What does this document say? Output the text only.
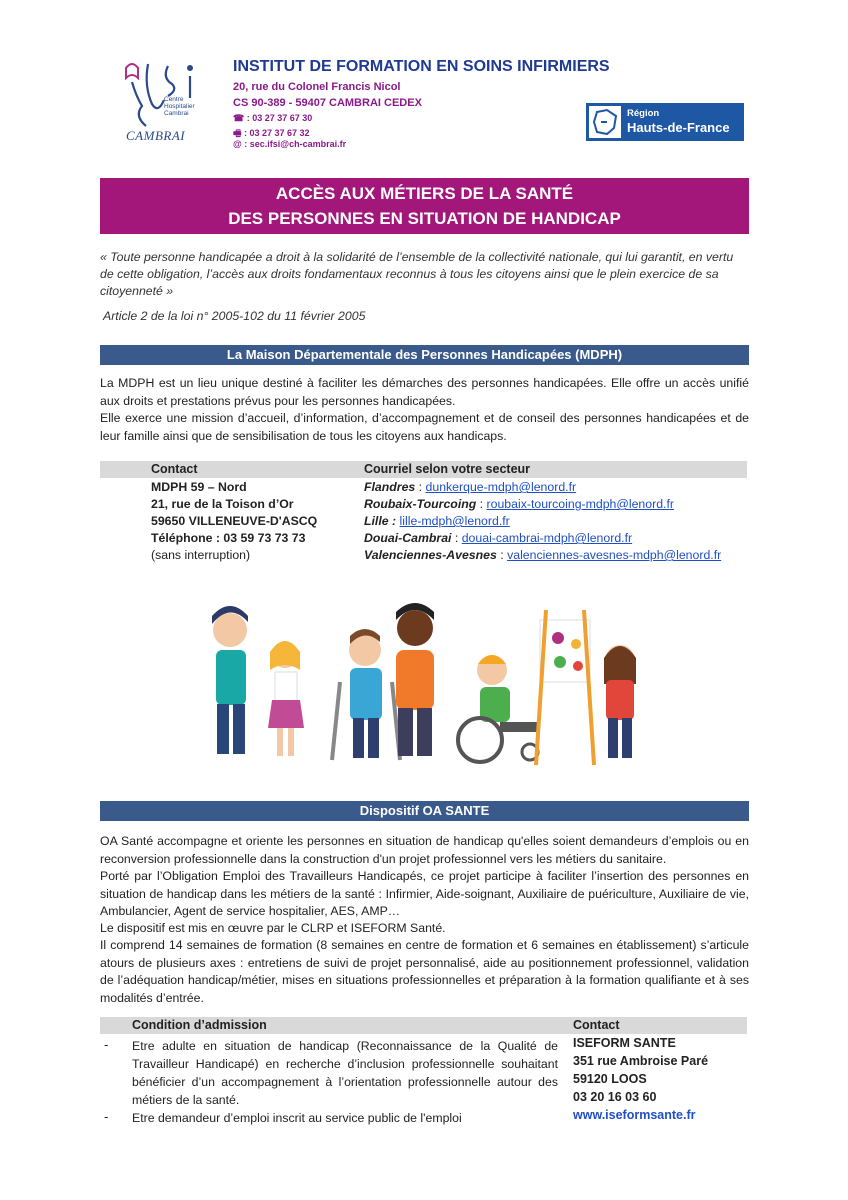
Centre Hospitalier Cambrai
CAMBRAI
INSTITUT DE FORMATION EN SOINS INFIRMIERS
20, rue du Colonel Francis Nicol
CS 90-389 - 59407 CAMBRAI CEDEX
☎ : 03 27 37 67 30
🖷 : 03 27 37 67 32
@ : sec.ifsi@ch-cambrai.fr
Région
Hauts-de-France
ACCÈS AUX MÉTIERS DE LA SANTÉ
DES PERSONNES EN SITUATION DE HANDICAP
« Toute personne handicapée a droit à la solidarité de l’ensemble de la collectivité nationale, qui lui garantit, en vertu de cette obligation, l’accès aux droits fondamentaux reconnus à tous les citoyens ainsi que le plein exercice de sa citoyenneté »
Article 2 de la loi n° 2005-102 du 11 février 2005
La Maison Départementale des Personnes Handicapées (MDPH)
La MDPH est un lieu unique destiné à faciliter les démarches des personnes handicapées. Elle offre un accès unifié aux droits et prestations prévus pour les personnes handicapées.
Elle exerce une mission d’accueil, d’information, d’accompagnement et de conseil des personnes handicapées et de leur famille ainsi que de sensibilisation de tous les citoyens aux handicaps.
Contact	Courriel selon votre secteur
MDPH 59 – Nord
21, rue de la Toison d’Or
59650 VILLENEUVE-D'ASCQ
Téléphone : 03 59 73 73 73
(sans interruption)
Flandres : dunkerque-mdph@lenord.fr
Roubaix-Tourcoing : roubaix-tourcoing-mdph@lenord.fr
Lille : lille-mdph@lenord.fr
Douai-Cambrai : douai-cambrai-mdph@lenord.fr
Valenciennes-Avesnes : valenciennes-avesnes-mdph@lenord.fr
Dispositif OA SANTE
OA Santé accompagne et oriente les personnes en situation de handicap qu'elles soient demandeurs d’emplois ou en reconversion professionnelle dans la construction d'un projet professionnel vers les métiers du sanitaire.
Porté par l’Obligation Emploi des Travailleurs Handicapés, ce projet participe à faciliter l’insertion des personnes en situation de handicap dans les métiers de la santé : Infirmier, Aide-soignant, Auxiliaire de puériculture, Auxiliaire de vie, Ambulancier, Agent de service hospitalier, AES, AMP…
Le dispositif est mis en œuvre par le CLRP et ISEFORM Santé.
Il comprend 14 semaines de formation (8 semaines en centre de formation et 6 semaines en établissement) s’articule atours de plusieurs axes : entretiens de suivi de projet personnalisé, aide au positionnement professionnel, validation de l’adéquation handicap/métier, mises en situations professionnelles et préparation à la formation qualifiante et à ses modalités d’entrée.
Condition d’admission	Contact
- Etre adulte en situation de handicap (Reconnaissance de la Qualité de Travailleur Handicapé) en recherche d’inclusion professionnelle souhaitant bénéficier d’un accompagnement à l’orientation professionnelle autour des métiers de la santé.
- Etre demandeur d’emploi inscrit au service public de l'emploi
ISEFORM SANTE
351 rue Ambroise Paré
59120 LOOS
03 20 16 03 60
www.iseformsante.fr
